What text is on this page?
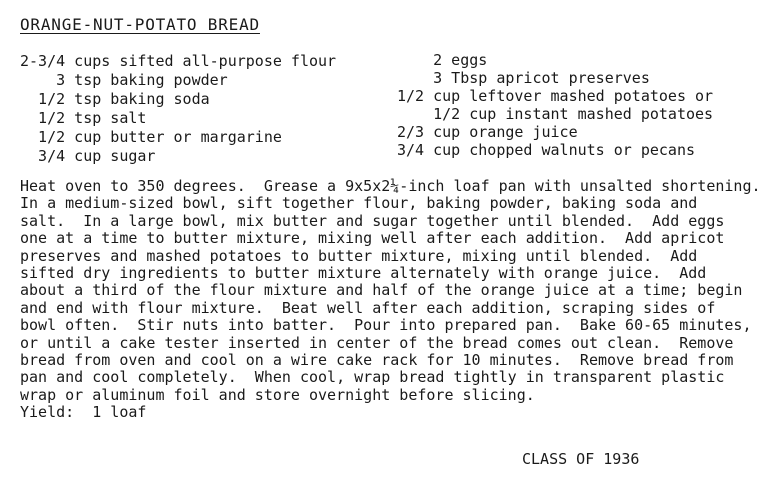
ORANGE-NUT-POTATO BREAD
2-3/4 cups sifted all-purpose flour
3 tsp baking powder
1/2 tsp baking soda
1/2 tsp salt
1/2 cup butter or margarine
3/4 cup sugar
2 eggs
3 Tbsp apricot preserves
1/2 cup leftover mashed potatoes or
1/2 cup instant mashed potatoes
2/3 cup orange juice
3/4 cup chopped walnuts or pecans
Heat oven to 350 degrees.  Grease a 9x5x2¼-inch loaf pan with unsalted shortening.
In a medium-sized bowl, sift together flour, baking powder, baking soda and
salt.  In a large bowl, mix butter and sugar together until blended.  Add eggs
one at a time to butter mixture, mixing well after each addition.  Add apricot
preserves and mashed potatoes to butter mixture, mixing until blended.  Add
sifted dry ingredients to butter mixture alternately with orange juice.  Add
about a third of the flour mixture and half of the orange juice at a time; begin
and end with flour mixture.  Beat well after each addition, scraping sides of
bowl often.  Stir nuts into batter.  Pour into prepared pan.  Bake 60-65 minutes,
or until a cake tester inserted in center of the bread comes out clean.  Remove
bread from oven and cool on a wire cake rack for 10 minutes.  Remove bread from
pan and cool completely.  When cool, wrap bread tightly in transparent plastic
wrap or aluminum foil and store overnight before slicing.
Yield:  1 loaf
CLASS OF 1936
